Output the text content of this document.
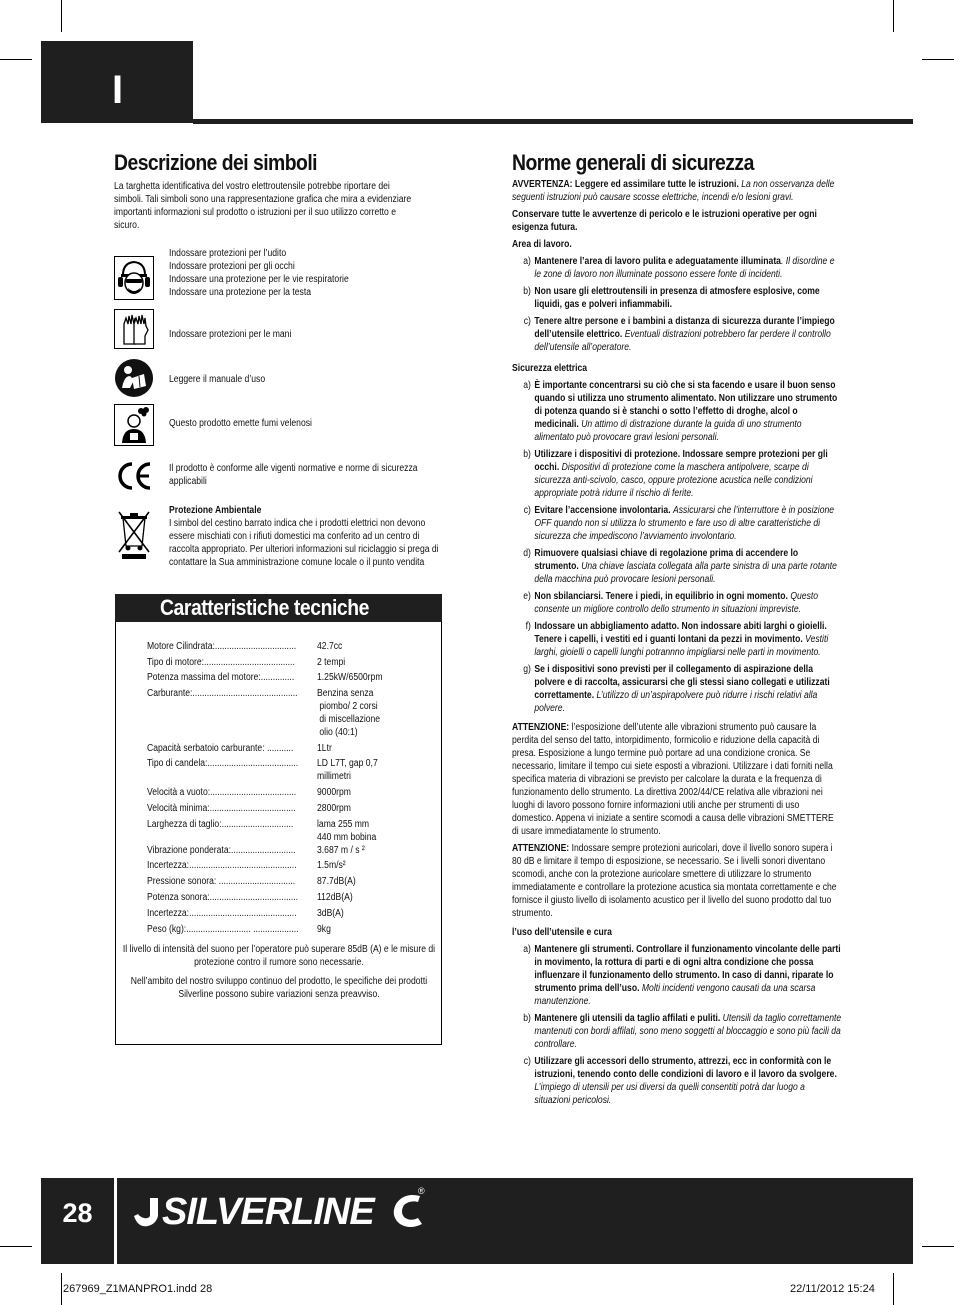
I
Descrizione dei simboli
La targhetta identificativa del vostro elettroutensile potrebbe riportare dei simboli. Tali simboli sono una rappresentazione grafica che mira a evidenziare importanti informazioni sul prodotto o istruzioni per il suo utilizzo corretto e sicuro.
Indossare protezioni per l’udito
Indossare protezioni per gli occhi
Indossare una protezione per le vie respiratorie
Indossare una protezione per la testa
Indossare protezioni per le mani
Leggere il manuale d’uso
Questo prodotto emette fumi velenosi
Il prodotto è conforme alle vigenti normative e norme di sicurezza applicabili
Protezione Ambientale
I simbol del cestino barrato indica che i prodotti elettrici non devono essere mischiati con i rifiuti domestici ma conferito ad un centro di raccolta appropriato. Per ulteriori informazioni sul riciclaggio si prega di contattare la Sua amministrazione comune locale o il punto vendita
Caratteristiche tecniche
Motore Cilindrata:.................................. 42.7cc
Tipo di motore:...................................... 2 tempi
Potenza massima del motore:.............. 1.25kW/6500rpm
Carburante:............................................ Benzina senza
piombo/ 2 corsi
di miscellazione
olio (40:1)
Capacità serbatoio carburante: ........... 1Ltr
Tipo di candela:...................................... LD L7T, gap 0,7
millimetri
Velocità a vuoto:.................................... 9000rpm
Velocità minima:.................................... 2800rpm
Larghezza di taglio:.............................. lama 255 mm
440 mm bobina
Vibrazione ponderata:........................... 3.687 m / s ²
Incertezza:............................................. 1.5m/s²
Pressione sonora: ................................ 87.7dB(A)
Potenza sonora:..................................... 112dB(A)
Incertezza:............................................. 3dB(A)
Peso (kg):........................... ................... 9kg
Il livello di intensità del suono per l’operatore può superare 85dB (A) e le misure di protezione contro il rumore sono necessarie.
Nell’ambito del nostro sviluppo continuo del prodotto, le specifiche dei prodotti Silverline possono subire variazioni senza preavviso.
Norme generali di sicurezza
AVVERTENZA: Leggere ed assimilare tutte le istruzioni. La non osservanza delle seguenti istruzioni può causare scosse elettriche, incendi e/o lesioni gravi.
Conservare tutte le avvertenze di pericolo e le istruzioni operative per ogni esigenza futura.
Area di lavoro.
a) Mantenere l’area di lavoro pulita e adeguatamente illuminata. Il disordine e le zone di lavoro non illuminate possono essere fonte di incidenti.
b) Non usare gli elettroutensili in presenza di atmosfere esplosive, come liquidi, gas e polveri infiammabili.
c) Tenere altre persone e i bambini a distanza di sicurezza durante l’impiego dell’utensile elettrico. Eventuali distrazioni potrebbero far perdere il controllo dell’utensile all’operatore.
Sicurezza elettrica
a) È importante concentrarsi su ciò che si sta facendo e usare il buon senso quando si utilizza uno strumento alimentato. Non utilizzare uno strumento di potenza quando si è stanchi o sotto l’effetto di droghe, alcol o medicinali. Un attimo di distrazione durante la guida di uno strumento alimentato può provocare gravi lesioni personali.
b) Utilizzare i dispositivi di protezione. Indossare sempre protezioni per gli occhi. Dispositivi di protezione come la maschera antipolvere, scarpe di sicurezza anti-scivolo, casco, oppure protezione acustica nelle condizioni appropriate potrà ridurre il rischio di ferite.
c) Evitare l’accensione involontaria. Assicurarsi che l’interruttore è in posizione OFF quando non si utilizza lo strumento e fare uso di altre caratteristiche di sicurezza che impediscono l’avviamento involontario.
d) Rimuovere qualsiasi chiave di regolazione prima di accendere lo strumento. Una chiave lasciata collegata alla parte sinistra di una parte rotante della macchina può provocare lesioni personali.
e) Non sbilanciarsi. Tenere i piedi, in equilibrio in ogni momento. Questo consente un migliore controllo dello strumento in situazioni impreviste.
f) Indossare un abbigliamento adatto. Non indossare abiti larghi o gioielli. Tenere i capelli, i vestiti ed i guanti lontani da pezzi in movimento. Vestiti larghi, gioielli o capelli lunghi potrannno impigliarsi nelle parti in movimento.
g) Se i dispositivi sono previsti per il collegamento di aspirazione della polvere e di raccolta, assicurarsi che gli stessi siano collegati e utilizzati correttamente. L’utilizzo di un’aspirapolvere può ridurre i rischi relativi alla polvere.
ATTENZIONE: l’esposizione dell’utente alle vibrazioni strumento può causare la perdita del senso del tatto, intorpidimento, formicolio e riduzione della capacità di presa. Esposizione a lungo termine può portare ad una condizione cronica. Se necessario, limitare il tempo cui siete esposti a vibrazioni. Utilizzare i dati forniti nella specifica materia di vibrazioni se previsto per calcolare la durata e la frequenza di funzionamento dello strumento. La direttiva 2002/44/CE relativa alle vibrazioni nei luoghi di lavoro possono fornire informazioni utili anche per strumenti di uso domestico. Appena vi iniziate a sentire scomodi a causa delle vibrazioni SMETTERE di usare immediatamente lo strumento.
ATTENZIONE: Indossare sempre protezioni auricolari, dove il livello sonoro supera i 80 dB e limitare il tempo di esposizione, se necessario. Se i livelli sonori diventano scomodi, anche con la protezione auricolare smettere di utilizzare lo strumento immediatamente e controllare la protezione acustica sia montata correttamente e che fornisce il giusto livello di isolamento acustico per il livello del suono prodotto dal tuo strumento.
l’uso dell’utensile e cura
a) Mantenere gli strumenti. Controllare il funzionamento vincolante delle parti in movimento, la rottura di parti e di ogni altra condizione che possa influenzare il funzionamento dello strumento. In caso di danni, riparate lo strumento prima dell’uso. Molti incidenti vengono causati da una scarsa manutenzione.
b) Mantenere gli utensili da taglio affilati e puliti. Utensili da taglio correttamente mantenuti con bordi affilati, sono meno soggetti al bloccaggio e sono più facili da controllare.
c) Utilizzare gli accessori dello strumento, attrezzi, ecc in conformità con le istruzioni, tenendo conto delle condizioni di lavoro e il lavoro da svolgere. L’impiego di utensili per usi diversi da quelli consentiti potrà dar luogo a situazioni pericolosi.
28	SILVERLINE	®
267969_Z1MANPRO1.indd 28	22/11/2012 15:24
